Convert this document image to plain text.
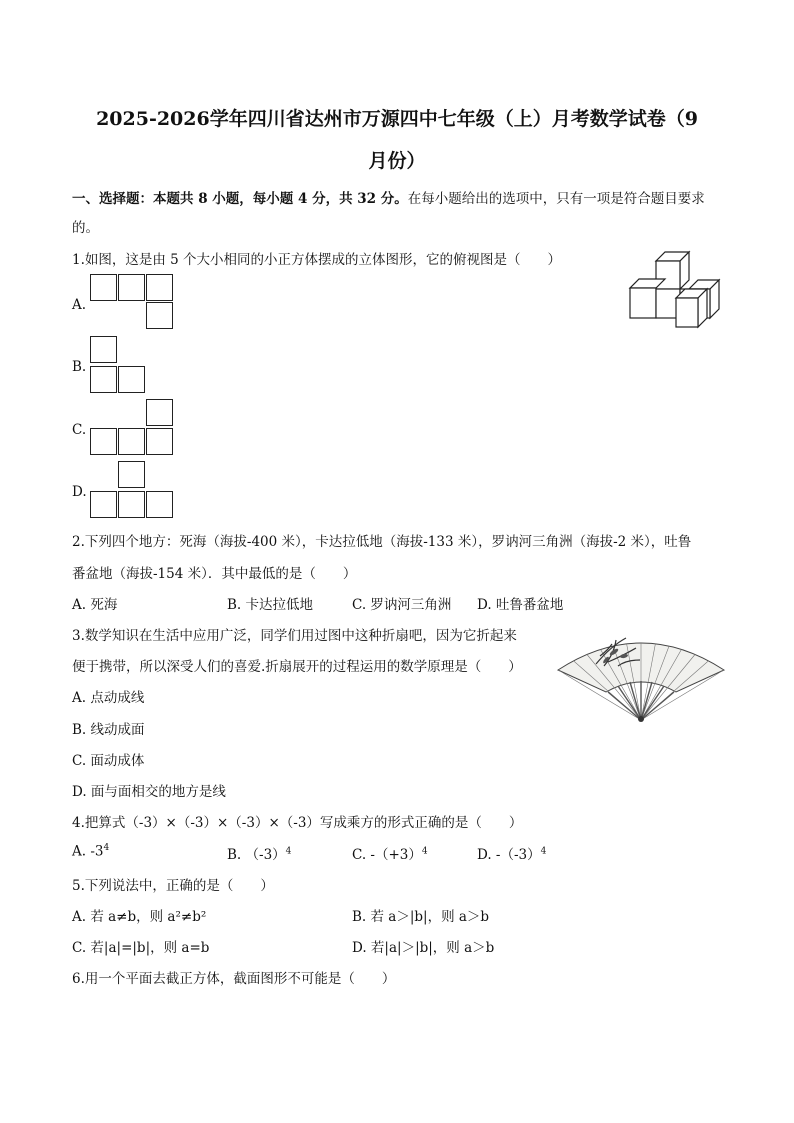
2025-2026学年四川省达州市万源四中七年级（上）月考数学试卷（9
月份）
一、选择题：本题共 8 小题，每小题 4 分，共 32 分。在每小题给出的选项中，只有一项是符合题目要求
的。
1.如图，这是由 5 个大小相同的小正方体摆成的立体图形，它的俯视图是（　　）
A.
B.
C.
D.
2.下列四个地方：死海（海拔-400 米），卡达拉低地（海拔-133 米），罗讷河三角洲（海拔-2 米），吐鲁
番盆地（海拔-154 米）．其中最低的是（　　）
A. 死海	B. 卡达拉低地	C. 罗讷河三角洲 D. 吐鲁番盆地
3.数学知识在生活中应用广泛，同学们用过图中这种折扇吧，因为它折起来
便于携带，所以深受人们的喜爱.折扇展开的过程运用的数学原理是（　　）
A. 点动成线
B. 线动成面
C. 面动成体
D. 面与面相交的地方是线
4.把算式（-3）×（-3）×（-3）×（-3）写成乘方的形式正确的是（　　）
A. $-3^4$	B. $(-3)^4$	C. $-(+3)^4$	D. $-(-3)^4$
5.下列说法中，正确的是（　　）
A. 若 a≠b，则 a²≠b²	B. 若 a＞|b|，则 a＞b
C. 若|a|=|b|，则 a=b	D. 若|a|＞|b|，则 a＞b
6.用一个平面去截正方体，截面图形不可能是（　　）
